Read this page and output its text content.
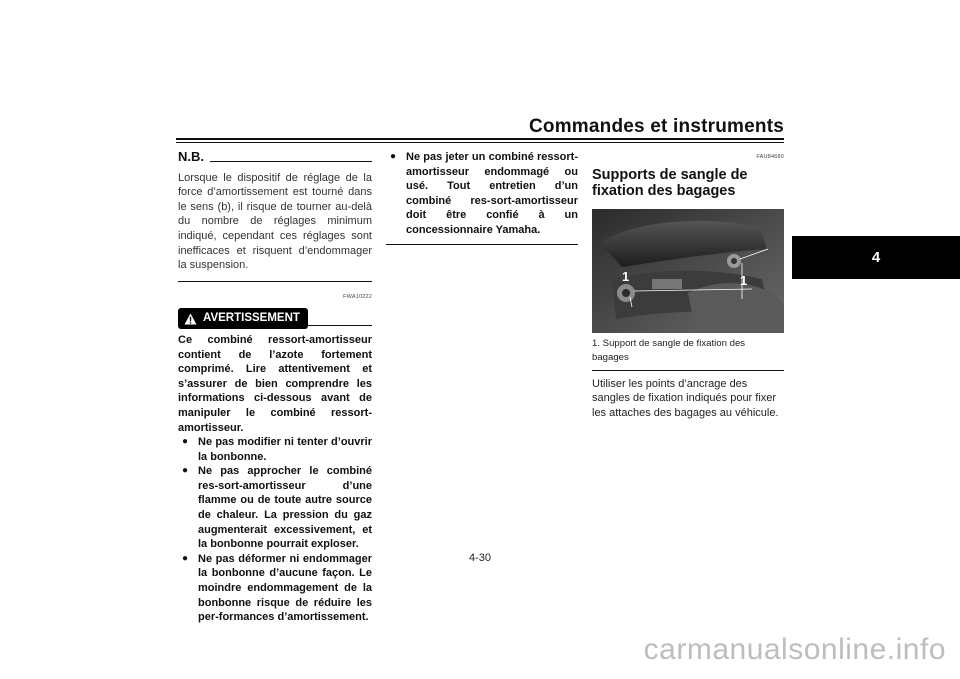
Commandes et instruments
4
N.B.
Lorsque le dispositif de réglage de la force d’amortissement est tourné dans le sens (b), il risque de tourner au-delà du nombre de réglages minimum indiqué, cependant ces réglages sont inefficaces et risquent d’endommager la suspension.
FWA10222
AVERTISSEMENT
Ce combiné ressort-amortisseur contient de l’azote fortement comprimé. Lire attentivement et s’assurer de bien comprendre les informations ci-dessous avant de manipuler le combiné ressort-amortisseur.
● Ne pas modifier ni tenter d’ouvrir la bonbonne.
● Ne pas approcher le combiné res-sort-amortisseur d’une flamme ou de toute autre source de chaleur. La pression du gaz augmenterait excessivement, et la bonbonne pourrait exploser.
● Ne pas déformer ni endommager la bonbonne d’aucune façon. Le moindre endommagement de la bonbonne risque de réduire les per-formances d’amortissement.
● Ne pas jeter un combiné ressort-amortisseur endommagé ou usé. Tout entretien d’un combiné res-sort-amortisseur doit être confié à un concessionnaire Yamaha.
FAU84680
Supports de sangle de fixation des bagages
1
1
1. Support de sangle de fixation des bagages
Utiliser les points d’ancrage des sangles de fixation indiqués pour fixer les attaches des bagages au véhicule.
4-30
carmanualsonline.info
